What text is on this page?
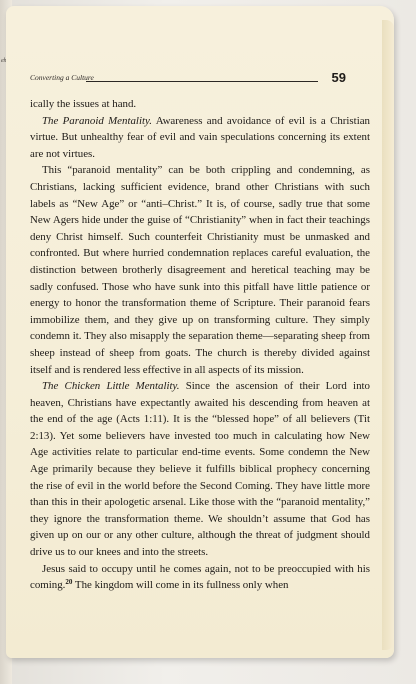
eh
Converting a Culture	59

ically the issues at hand.

The Paranoid Mentality. Awareness and avoidance of evil is a Christian virtue. But unhealthy fear of evil and vain speculations concerning its extent are not virtues.

This “paranoid mentality” can be both crippling and condemning, as Christians, lacking sufficient evidence, brand other Christians with such labels as “New Age” or “anti–Christ.” It is, of course, sadly true that some New Agers hide under the guise of “Christianity” when in fact their teachings deny Christ himself. Such counterfeit Christianity must be unmasked and confronted. But where hurried condemnation replaces careful evaluation, the distinction between brotherly disagreement and heretical teaching may be sadly confused. Those who have sunk into this pitfall have little patience or energy to honor the transformation theme of Scripture. Their paranoid fears immobilize them, and they give up on transforming culture. They simply condemn it. They also misapply the separation theme—separating sheep from sheep instead of sheep from goats. The church is thereby divided against itself and is rendered less effective in all aspects of its mission.

The Chicken Little Mentality. Since the ascension of their Lord into heaven, Christians have expectantly awaited his descending from heaven at the end of the age (Acts 1:11). It is the “blessed hope” of all believers (Tit 2:13). Yet some believers have invested too much in calculating how New Age activities relate to particular end-time events. Some condemn the New Age primarily because they believe it fulfills biblical prophecy concerning the rise of evil in the world before the Second Coming. They have little more than this in their apologetic arsenal. Like those with the “paranoid mentality,” they ignore the transformation theme. We shouldn’t assume that God has given up on our or any other culture, although the threat of judgment should drive us to our knees and into the streets.

Jesus said to occupy until he comes again, not to be preoccupied with his coming.$^{20}$ The kingdom will come in its fullness only when
